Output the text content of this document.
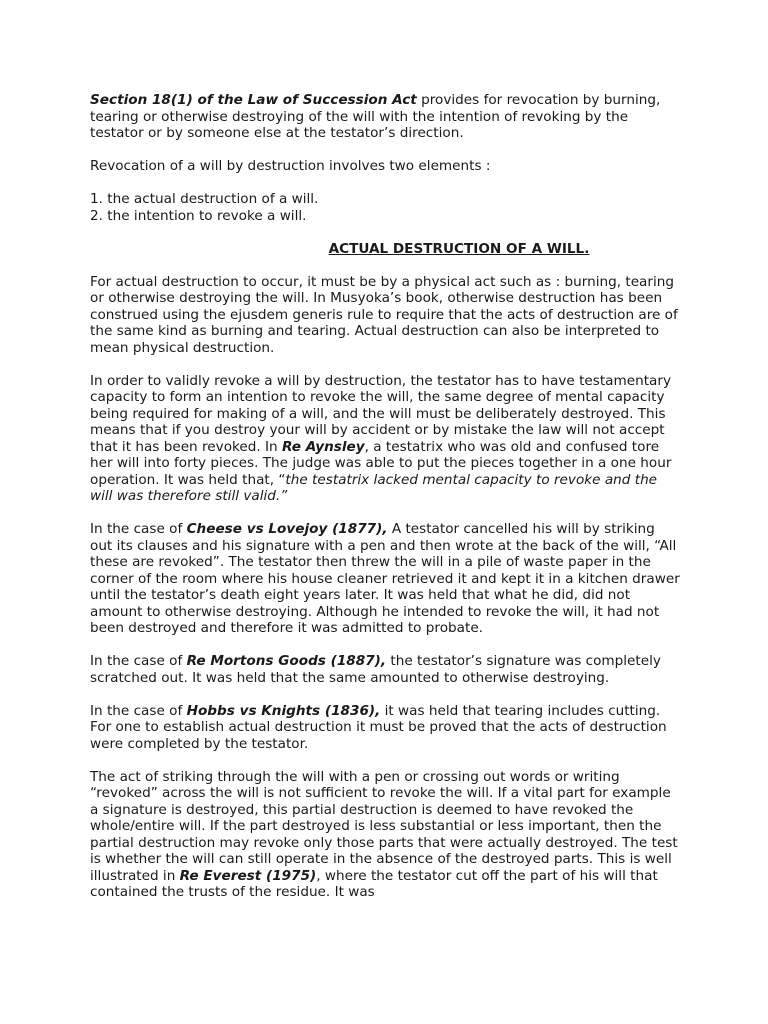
Section 18(1) of the Law of Succession Act provides for revocation by burning, tearing or otherwise destroying of the will with the intention of revoking by the testator or by someone else at the testator’s direction.

Revocation of a will by destruction involves two elements :

1. the actual destruction of a will.
2. the intention to revoke a will.
ACTUAL DESTRUCTION OF A WILL.

For actual destruction to occur, it must be by a physical act such as : burning, tearing or otherwise destroying the will. In Musyoka’s book, otherwise destruction has been construed using the ejusdem generis rule to require that the acts of destruction are of the same kind as burning and tearing. Actual destruction can also be interpreted to mean physical destruction.

In order to validly revoke a will by destruction, the testator has to have testamentary capacity to form an intention to revoke the will, the same degree of mental capacity being required for making of a will, and the will must be deliberately destroyed. This means that if you destroy your will by accident or by mistake the law will not accept that it has been revoked. In Re Aynsley, a testatrix who was old and confused tore her will into forty pieces. The judge was able to put the pieces together in a one hour operation. It was held that, “the testatrix lacked mental capacity to revoke and the will was therefore still valid.”

In the case of Cheese vs Lovejoy (1877), A testator cancelled his will by striking out its clauses and his signature with a pen and then wrote at the back of the will, “All these are revoked”. The testator then threw the will in a pile of waste paper in the corner of the room where his house cleaner retrieved it and kept it in a kitchen drawer until the testator’s death eight years later. It was held that what he did, did not amount to otherwise destroying. Although he intended to revoke the will, it had not been destroyed and therefore it was admitted to probate.

In the case of Re Mortons Goods (1887), the testator’s signature was completely scratched out. It was held that the same amounted to otherwise destroying.

In the case of Hobbs vs Knights (1836), it was held that tearing includes cutting. For one to establish actual destruction it must be proved that the acts of destruction were completed by the testator.

The act of striking through the will with a pen or crossing out words or writing “revoked” across the will is not sufficient to revoke the will. If a vital part for example a signature is destroyed, this partial destruction is deemed to have revoked the whole/entire will. If the part destroyed is less substantial or less important, then the partial destruction may revoke only those parts that were actually destroyed. The test is whether the will can still operate in the absence of the destroyed parts. This is well illustrated in Re Everest (1975), where the testator cut off the part of his will that contained the trusts of the residue. It was
